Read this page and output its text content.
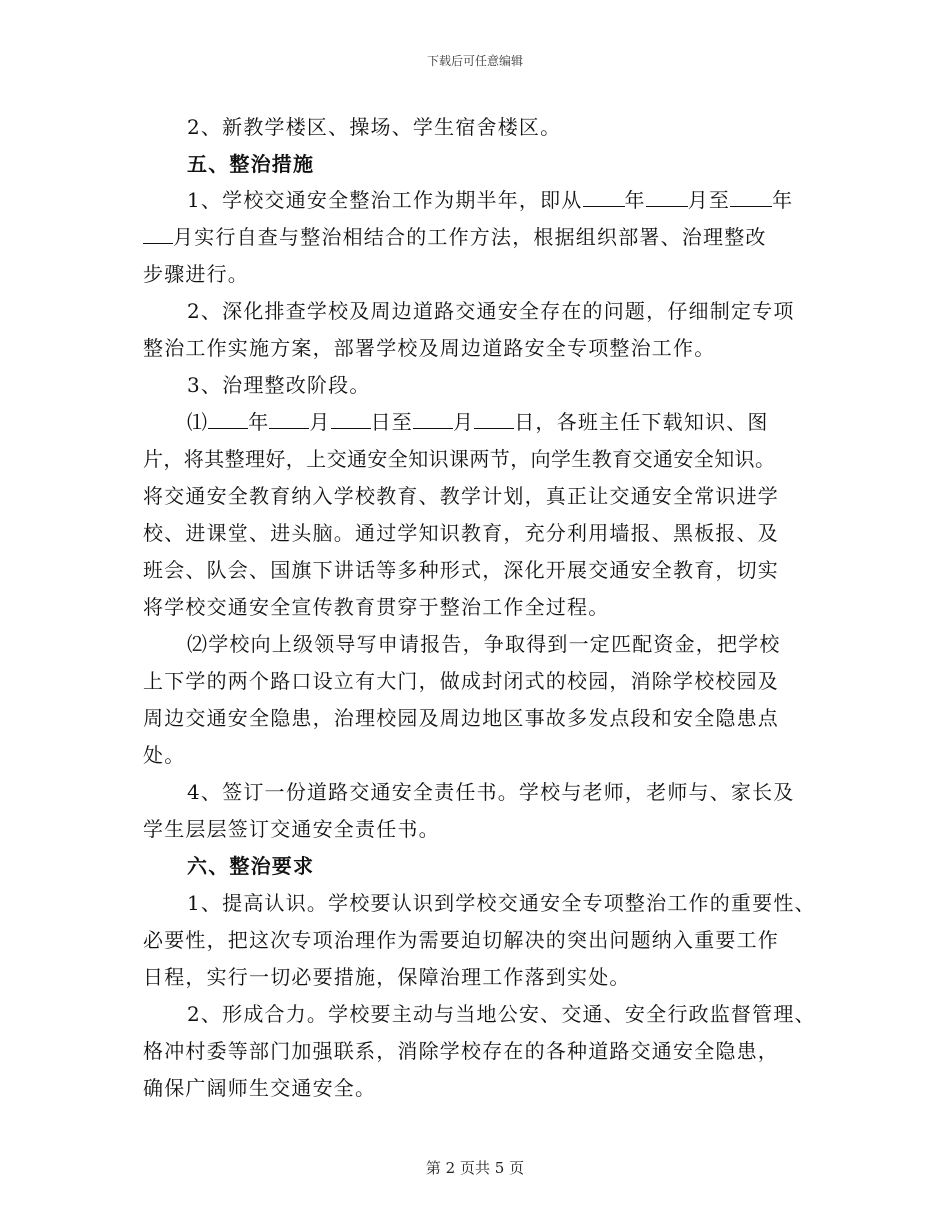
下载后可任意编辑
2、新教学楼区、操场、学生宿舍楼区。
五、整治措施
1、学校交通安全整治工作为期半年，即从 年 月至 年
月实行自查与整治相结合的工作方法，根据组织部署、治理整改
步骤进行。
2、深化排查学校及周边道路交通安全存在的问题，仔细制定专项
整治工作实施方案，部署学校及周边道路安全专项整治工作。
3、治理整改阶段。
⑴ 年 月 日至 月 日，各班主任下载知识、图
片，将其整理好，上交通安全知识课两节，向学生教育交通安全知识。
将交通安全教育纳入学校教育、教学计划，真正让交通安全常识进学
校、进课堂、进头脑。通过学知识教育，充分利用墙报、黑板报、及
班会、队会、国旗下讲话等多种形式，深化开展交通安全教育，切实
将学校交通安全宣传教育贯穿于整治工作全过程。
⑵学校向上级领导写申请报告，争取得到一定匹配资金，把学校
上下学的两个路口设立有大门，做成封闭式的校园，消除学校校园及
周边交通安全隐患，治理校园及周边地区事故多发点段和安全隐患点
处。
4、签订一份道路交通安全责任书。学校与老师，老师与、家长及
学生层层签订交通安全责任书。
六、整治要求
1、提高认识。学校要认识到学校交通安全专项整治工作的重要性、
必要性，把这次专项治理作为需要迫切解决的突出问题纳入重要工作
日程，实行一切必要措施，保障治理工作落到实处。
2、形成合力。学校要主动与当地公安、交通、安全行政监督管理、
格冲村委等部门加强联系，消除学校存在的各种道路交通安全隐患，
确保广阔师生交通安全。
第 2 页共 5 页
